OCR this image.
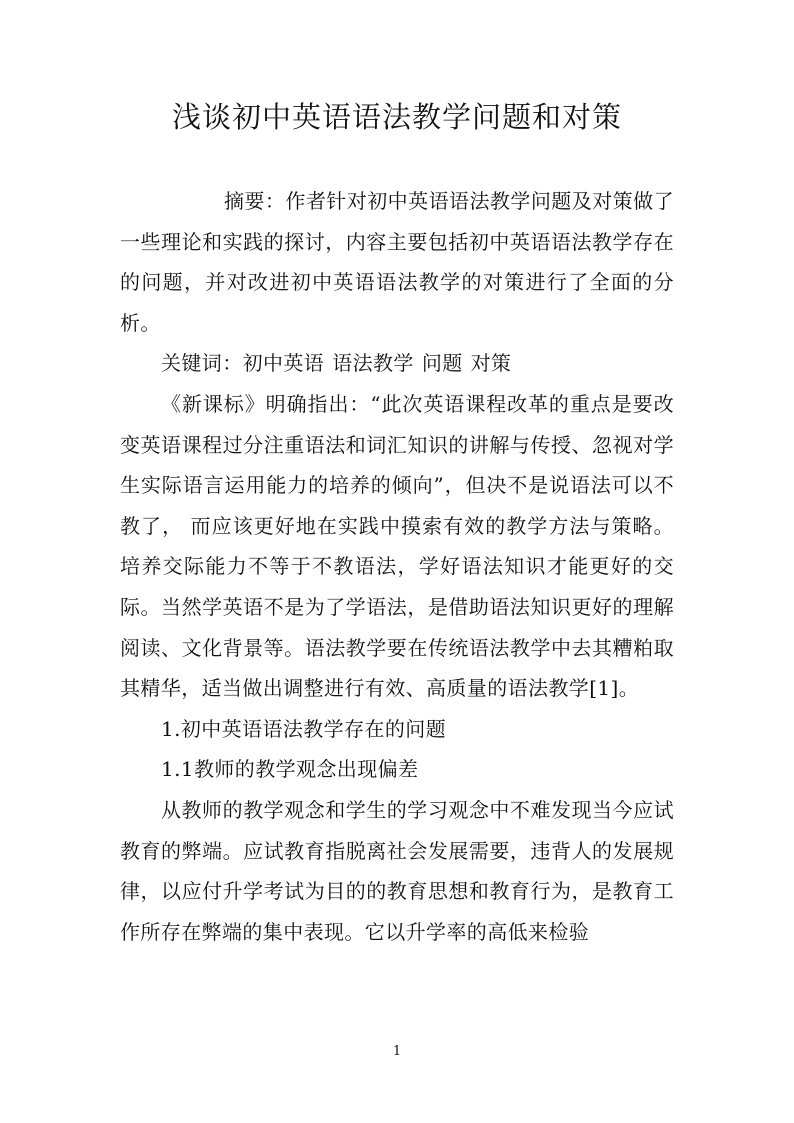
浅谈初中英语语法教学问题和对策

摘要：作者针对初中英语语法教学问题及对策做了一些理论和实践的探讨，内容主要包括初中英语语法教学存在的问题，并对改进初中英语语法教学的对策进行了全面的分析。

关键词：初中英语 语法教学 问题 对策

《新课标》明确指出：“此次英语课程改革的重点是要改变英语课程过分注重语法和词汇知识的讲解与传授、忽视对学生实际语言运用能力的培养的倾向”，但决不是说语法可以不教了， 而应该更好地在实践中摸索有效的教学方法与策略。培养交际能力不等于不教语法，学好语法知识才能更好的交际。当然学英语不是为了学语法，是借助语法知识更好的理解阅读、文化背景等。语法教学要在传统语法教学中去其糟粕取其精华，适当做出调整进行有效、高质量的语法教学[1]。

1.初中英语语法教学存在的问题

1.1教师的教学观念出现偏差

从教师的教学观念和学生的学习观念中不难发现当今应试教育的弊端。应试教育指脱离社会发展需要，违背人的发展规律，以应付升学考试为目的的教育思想和教育行为，是教育工作所存在弊端的集中表现。它以升学率的高低来检验

1
